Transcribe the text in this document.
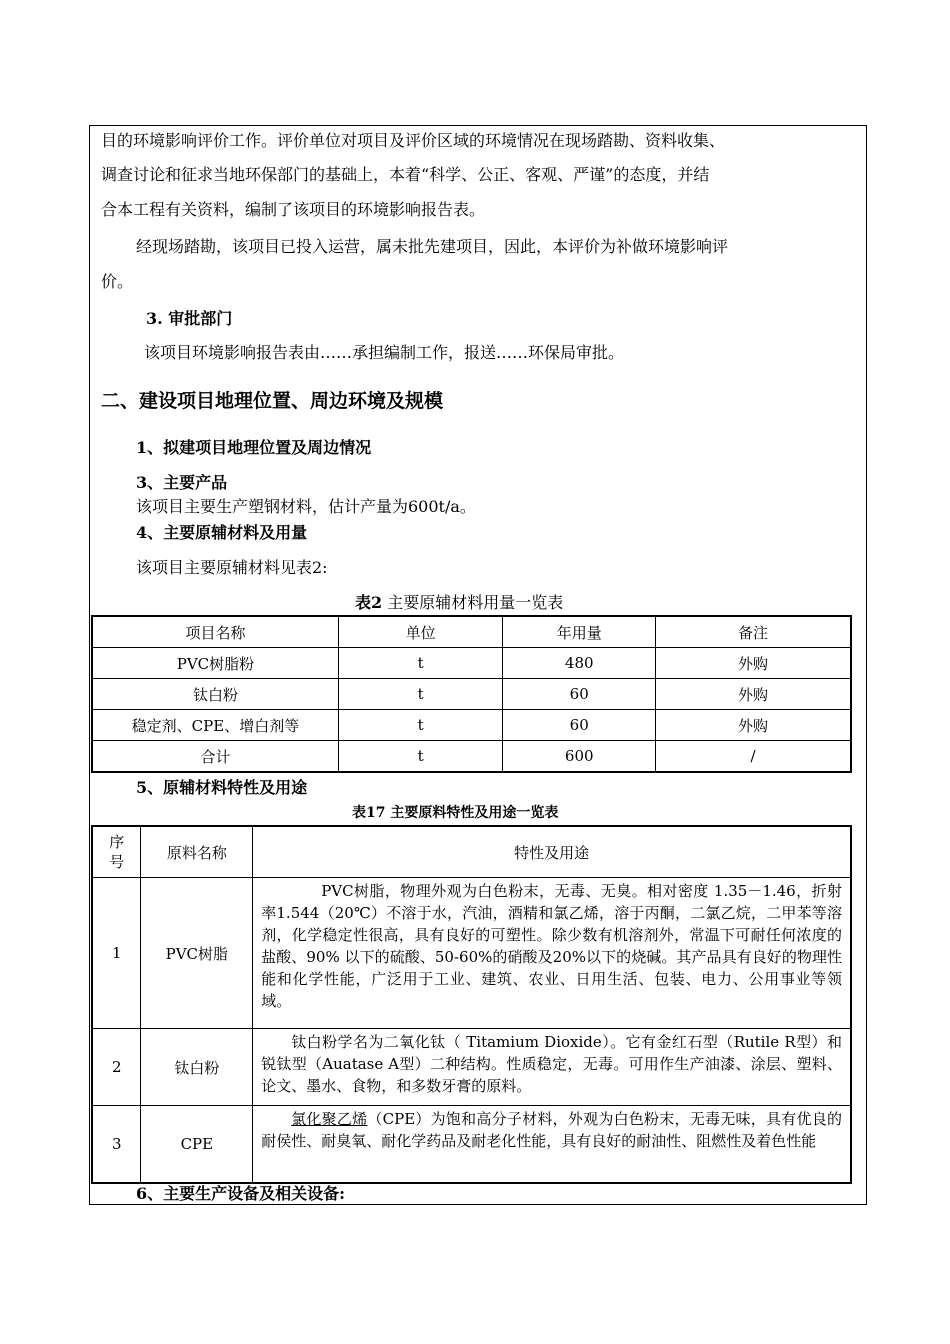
目的环境影响评价工作。评价单位对项目及评价区域的环境情况在现场踏勘、资料收集、
调查讨论和征求当地环保部门的基础上，本着“科学、公正、客观、严谨”的态度，并结
合本工程有关资料，编制了该项目的环境影响报告表。
经现场踏勘，该项目已投入运营，属未批先建项目，因此，本评价为补做环境影响评
价。
3. 审批部门
该项目环境影响报告表由……承担编制工作，报送……环保局审批。
二、建设项目地理位置、周边环境及规模
1、拟建项目地理位置及周边情况
3、主要产品
该项目主要生产塑钢材料，估计产量为600t/a。
4、主要原辅材料及用量
该项目主要原辅材料见表2:
表2 主要原辅材料用量一览表
项目名称	单位	年用量	备注
PVC树脂粉	t	480	外购
钛白粉	t	60	外购
稳定剂、CPE、增白剂等	t	60	外购
合计	t	600	/
5、原辅材料特性及用途
表17 主要原料特性及用途一览表
序号	原料名称	特性及用途
1	PVC树脂	PVC树脂，物理外观为白色粉末，无毒、无臭。相对密度 1.35－1.46，折射率1.544（20℃）不溶于水，汽油，酒精和氯乙烯，溶于丙酮，二氯乙烷，二甲苯等溶剂，化学稳定性很高，具有良好的可塑性。除少数有机溶剂外，常温下可耐任何浓度的盐酸、90% 以下的硫酸、50-60%的硝酸及20%以下的烧碱。其产品具有良好的物理性能和化学性能，广泛用于工业、建筑、农业、日用生活、包装、电力、公用事业等领域。
2	钛白粉	钛白粉学名为二氧化钛（ Titamium Dioxide）。它有金红石型（Rutile R型）和锐钛型（Auatase A型）二种结构。性质稳定，无毒。可用作生产油漆、涂层、塑料、论文、墨水、食物，和多数牙膏的原料。
3	CPE	氯化聚乙烯（CPE）为饱和高分子材料，外观为白色粉末，无毒无味，具有优良的耐侯性、耐臭氧、耐化学药品及耐老化性能，具有良好的耐油性、阻燃性及着色性能
6、主要生产设备及相关设备:
